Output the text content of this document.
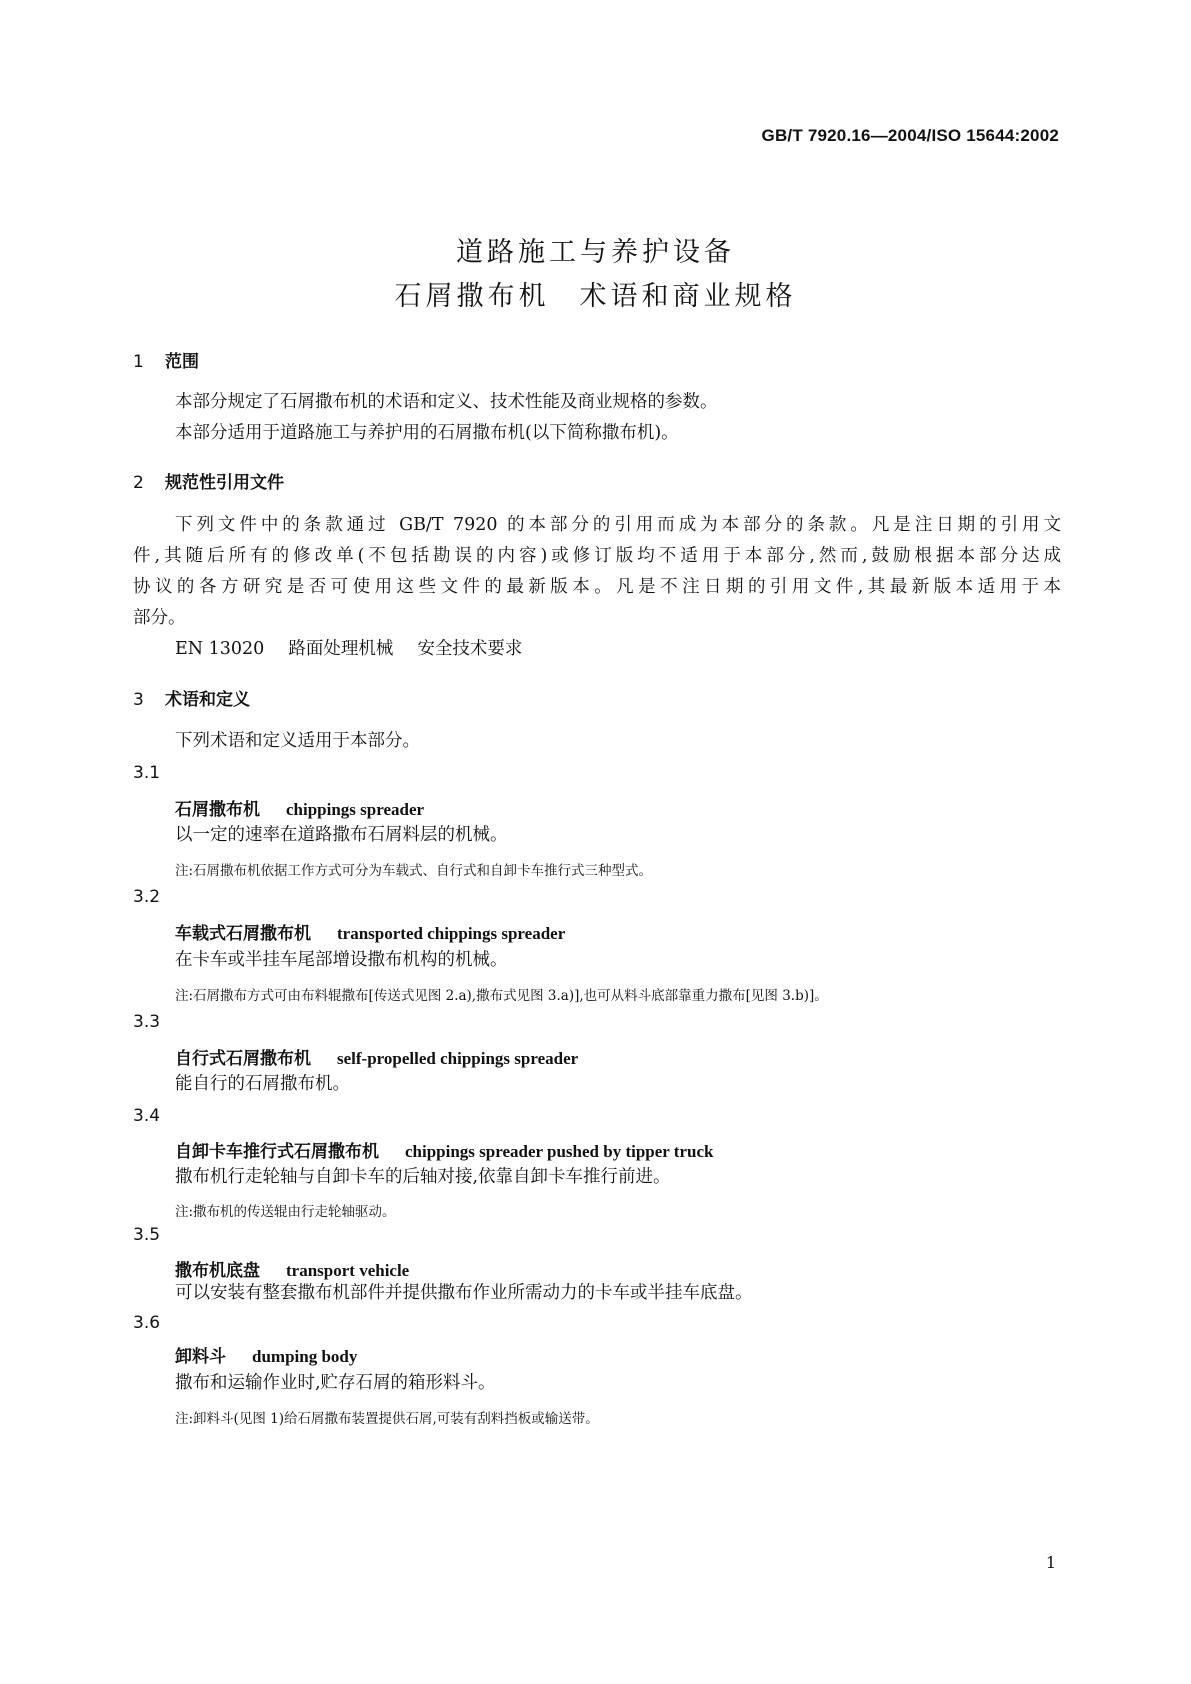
GB/T 7920.16—2004/ISO 15644:2002
道路施工与养护设备
石屑撒布机 术语和商业规格
1 范围
本部分规定了石屑撒布机的术语和定义、技术性能及商业规格的参数。
本部分适用于道路施工与养护用的石屑撒布机(以下简称撒布机)。
2 规范性引用文件
下列文件中的条款通过 GB/T 7920 的本部分的引用而成为本部分的条款。凡是注日期的引用文
件,其随后所有的修改单(不包括勘误的内容)或修订版均不适用于本部分,然而,鼓励根据本部分达成
协议的各方研究是否可使用这些文件的最新版本。凡是不注日期的引用文件,其最新版本适用于本
部分。
EN 13020 路面处理机械 安全技术要求
3 术语和定义
下列术语和定义适用于本部分。
3.1
石屑撒布机 chippings spreader
以一定的速率在道路撒布石屑料层的机械。
注:石屑撒布机依据工作方式可分为车载式、自行式和自卸卡车推行式三种型式。
3.2
车载式石屑撒布机 transported chippings spreader
在卡车或半挂车尾部增设撒布机构的机械。
注:石屑撒布方式可由布料辊撒布[传送式见图 2.a),撒布式见图 3.a)],也可从料斗底部靠重力撒布[见图 3.b)]。
3.3
自行式石屑撒布机 self-propelled chippings spreader
能自行的石屑撒布机。
3.4
自卸卡车推行式石屑撒布机 chippings spreader pushed by tipper truck
撒布机行走轮轴与自卸卡车的后轴对接,依靠自卸卡车推行前进。
注:撒布机的传送辊由行走轮轴驱动。
3.5
撒布机底盘 transport vehicle
可以安装有整套撒布机部件并提供撒布作业所需动力的卡车或半挂车底盘。
3.6
卸料斗 dumping body
撒布和运输作业时,贮存石屑的箱形料斗。
注:卸料斗(见图 1)给石屑撒布装置提供石屑,可装有刮料挡板或输送带。
1
